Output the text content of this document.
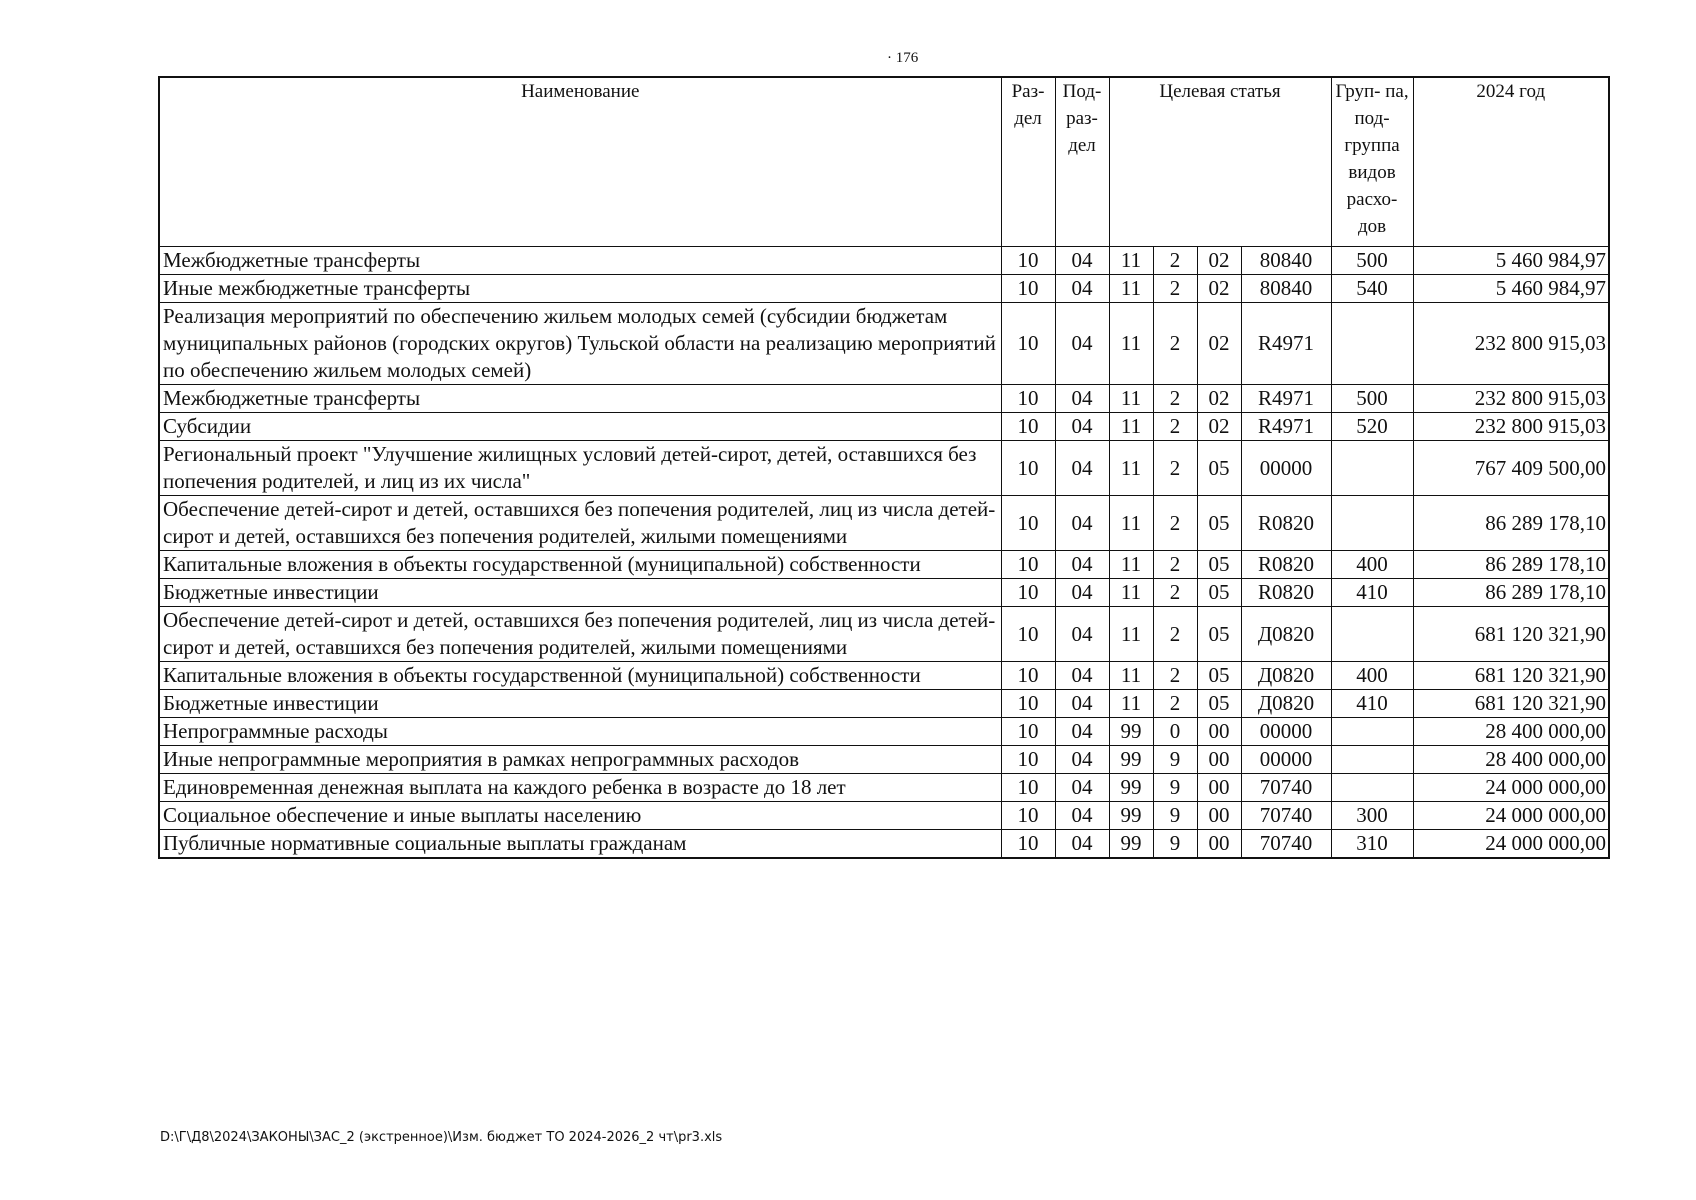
· 176
Наименование	Раз- дел	Под- раз- дел	Целевая статья				Груп- па, под- группа видов расхо- дов	2024 год
Межбюджетные трансферты	10	04	11	2	02	80840	500	5 460 984,97
Иные межбюджетные трансферты	10	04	11	2	02	80840	540	5 460 984,97
Реализация мероприятий по обеспечению жильем молодых семей (субсидии бюджетам муниципальных районов (городских округов) Тульской области на реализацию мероприятий по обеспечению жильем молодых семей)	10	04	11	2	02	R4971		232 800 915,03
Межбюджетные трансферты	10	04	11	2	02	R4971	500	232 800 915,03
Субсидии	10	04	11	2	02	R4971	520	232 800 915,03
Региональный проект "Улучшение жилищных условий детей-сирот, детей, оставшихся без попечения родителей, и лиц из их числа"	10	04	11	2	05	00000		767 409 500,00
Обеспечение детей-сирот и детей, оставшихся без попечения родителей, лиц из числа детей-сирот и детей, оставшихся без попечения родителей, жилыми помещениями	10	04	11	2	05	R0820		86 289 178,10
Капитальные вложения в объекты государственной (муниципальной) собственности	10	04	11	2	05	R0820	400	86 289 178,10
Бюджетные инвестиции	10	04	11	2	05	R0820	410	86 289 178,10
Обеспечение детей-сирот и детей, оставшихся без попечения родителей, лиц из числа детей-сирот и детей, оставшихся без попечения родителей, жилыми помещениями	10	04	11	2	05	Д0820		681 120 321,90
Капитальные вложения в объекты государственной (муниципальной) собственности	10	04	11	2	05	Д0820	400	681 120 321,90
Бюджетные инвестиции	10	04	11	2	05	Д0820	410	681 120 321,90
Непрограммные расходы	10	04	99	0	00	00000		28 400 000,00
Иные непрограммные мероприятия в рамках непрограммных расходов	10	04	99	9	00	00000		28 400 000,00
Единовременная денежная выплата на каждого ребенка в возрасте до 18 лет	10	04	99	9	00	70740		24 000 000,00
Социальное обеспечение и иные выплаты населению	10	04	99	9	00	70740	300	24 000 000,00
Публичные нормативные социальные выплаты гражданам	10	04	99	9	00	70740	310	24 000 000,00
D:\Г\Д8\2024\ЗАКОНЫ\ЗАС_2 (экстренное)\Изм. бюджет ТО 2024-2026_2 чт\pr3.xls
